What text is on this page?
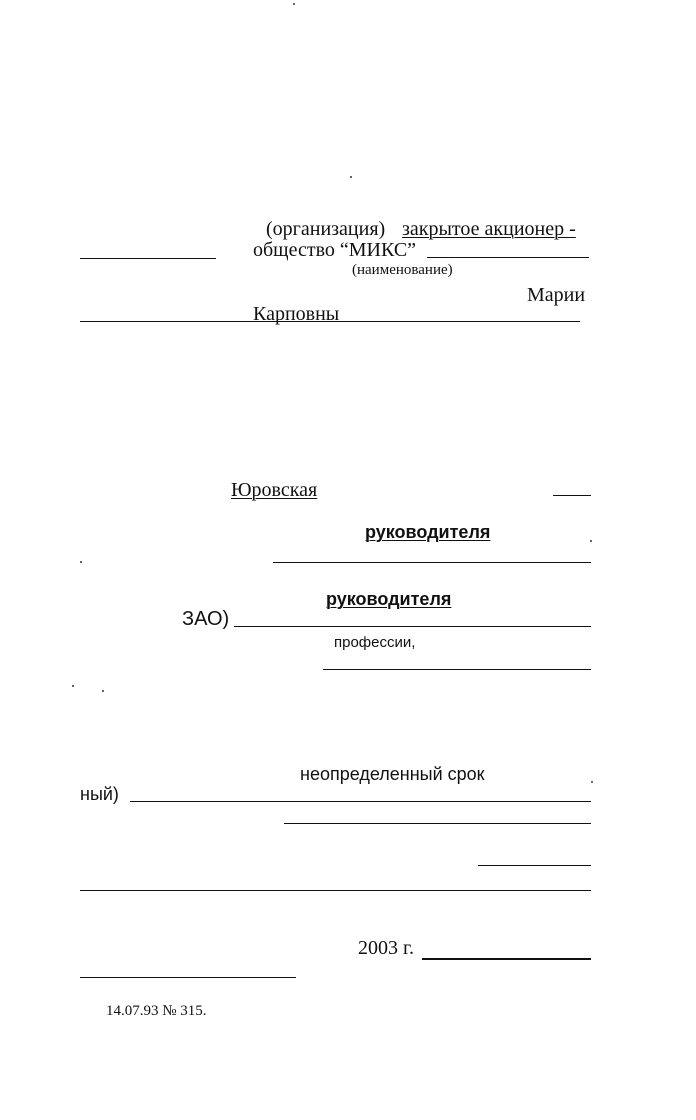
(организация) закрытое акционер -
общество “МИКС”
(наименование)
Марии
Карповны
Юровская
руководителя
руководителя
ЗАО)
профессии,
неопределенный срок
ный)
2003 г.
14.07.93 № 315.
